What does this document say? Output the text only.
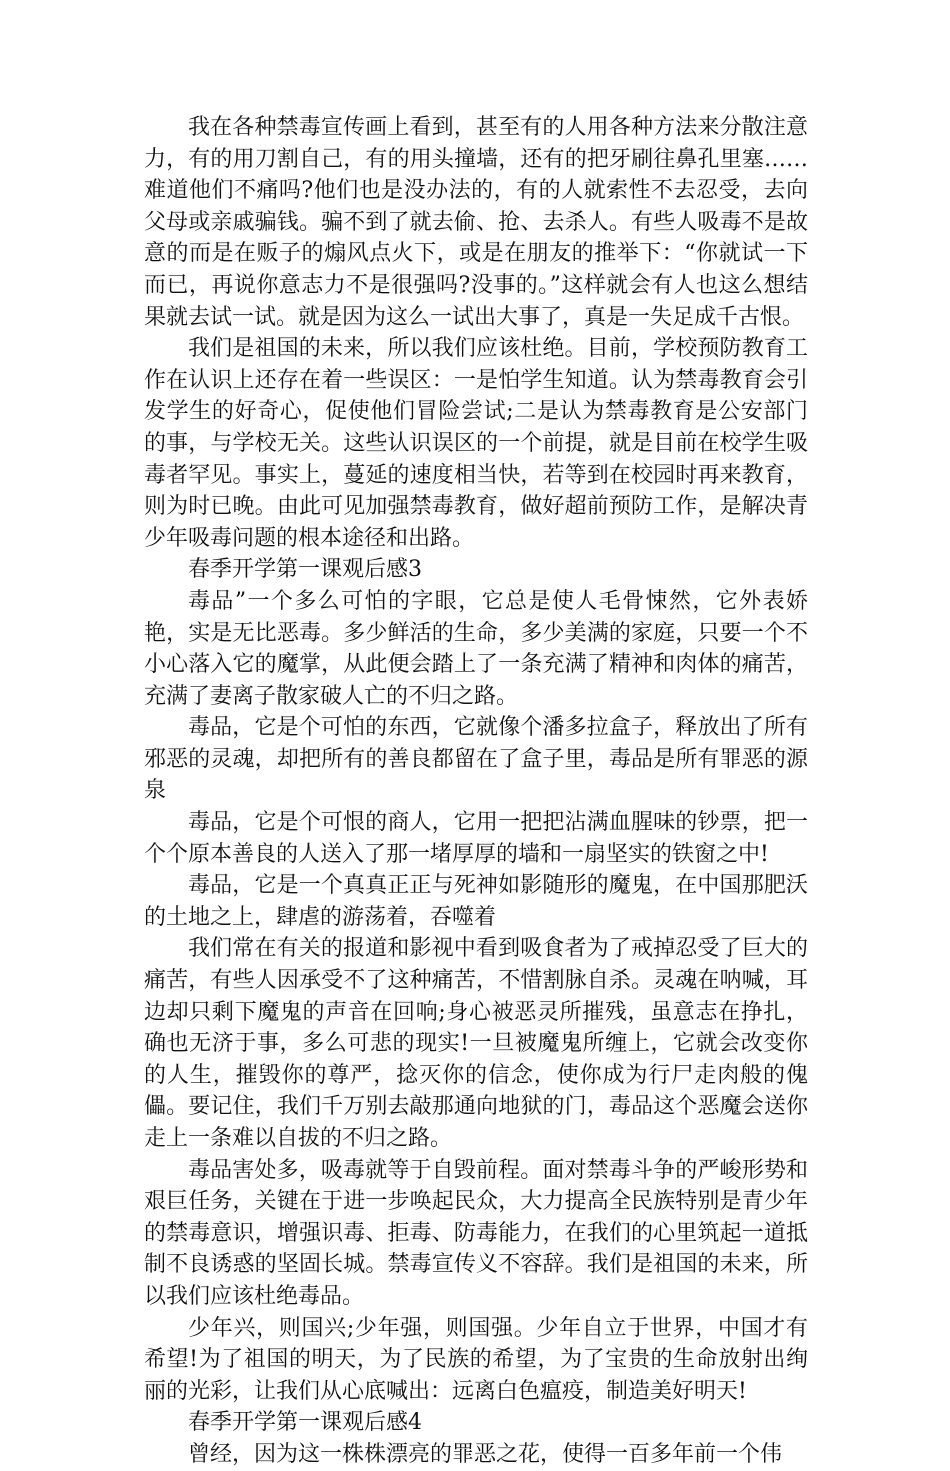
我在各种禁毒宣传画上看到，甚至有的人用各种方法来分散注意力，有的用刀割自己，有的用头撞墙，还有的把牙刷往鼻孔里塞……难道他们不痛吗?他们也是没办法的，有的人就索性不去忍受，去向父母或亲戚骗钱。骗不到了就去偷、抢、去杀人。有些人吸毒不是故意的而是在贩子的煽风点火下，或是在朋友的推举下：“你就试一下而已，再说你意志力不是很强吗?没事的。”这样就会有人也这么想结果就去试一试。就是因为这么一试出大事了，真是一失足成千古恨。

我们是祖国的未来，所以我们应该杜绝。目前，学校预防教育工作在认识上还存在着一些误区：一是怕学生知道。认为禁毒教育会引发学生的好奇心，促使他们冒险尝试;二是认为禁毒教育是公安部门的事，与学校无关。这些认识误区的一个前提，就是目前在校学生吸毒者罕见。事实上，蔓延的速度相当快，若等到在校园时再来教育，则为时已晚。由此可见加强禁毒教育，做好超前预防工作，是解决青少年吸毒问题的根本途径和出路。

春季开学第一课观后感3

毒品”一个多么可怕的字眼，它总是使人毛骨悚然，它外表娇艳，实是无比恶毒。多少鲜活的生命，多少美满的家庭，只要一个不小心落入它的魔掌，从此便会踏上了一条充满了精神和肉体的痛苦，充满了妻离子散家破人亡的不归之路。

毒品，它是个可怕的东西，它就像个潘多拉盒子，释放出了所有邪恶的灵魂，却把所有的善良都留在了盒子里，毒品是所有罪恶的源泉

毒品，它是个可恨的商人，它用一把把沾满血腥味的钞票，把一个个原本善良的人送入了那一堵厚厚的墙和一扇坚实的铁窗之中!

毒品，它是一个真真正正与死神如影随形的魔鬼，在中国那肥沃的土地之上，肆虐的游荡着，吞噬着

我们常在有关的报道和影视中看到吸食者为了戒掉忍受了巨大的痛苦，有些人因承受不了这种痛苦，不惜割脉自杀。灵魂在呐喊，耳边却只剩下魔鬼的声音在回响;身心被恶灵所摧残，虽意志在挣扎，确也无济于事，多么可悲的现实!一旦被魔鬼所缠上，它就会改变你的人生，摧毁你的尊严，捻灭你的信念，使你成为行尸走肉般的傀儡。要记住，我们千万别去敲那通向地狱的门，毒品这个恶魔会送你走上一条难以自拔的不归之路。

毒品害处多，吸毒就等于自毁前程。面对禁毒斗争的严峻形势和艰巨任务，关键在于进一步唤起民众，大力提高全民族特别是青少年的禁毒意识，增强识毒、拒毒、防毒能力，在我们的心里筑起一道抵制不良诱惑的坚固长城。禁毒宣传义不容辞。我们是祖国的未来，所以我们应该杜绝毒品。

少年兴，则国兴;少年强，则国强。少年自立于世界，中国才有希望!为了祖国的明天，为了民族的希望，为了宝贵的生命放射出绚丽的光彩，让我们从心底喊出：远离白色瘟疫，制造美好明天!

春季开学第一课观后感4

曾经，因为这一株株漂亮的罪恶之花，使得一百多年前一个伟
